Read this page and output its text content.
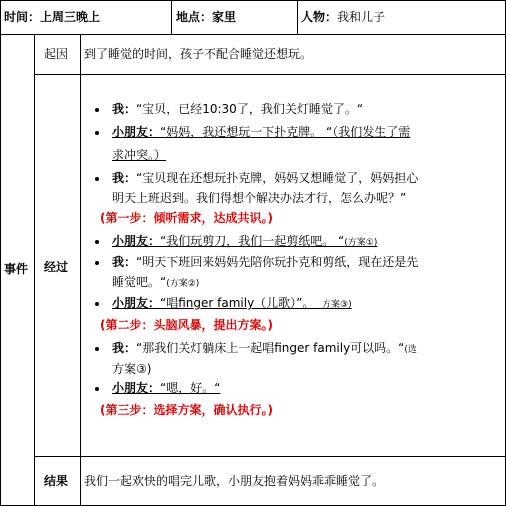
时间：上周三晚上	地点：家里	人物：我和儿子
事件
起因 到了睡觉的时间，孩子不配合睡觉还想玩。
经过
我：“宝贝，已经10:30了，我们关灯睡觉了。“
小朋友：“妈妈，我还想玩一下扑克牌。 “（我们发生了需
求冲突。）
我：“宝贝现在还想玩扑克牌，妈妈又想睡觉了，妈妈担心
明天上班迟到。我们得想个解决办法才行，怎么办呢？”
(第一步：倾听需求，达成共识。)
小朋友：“我们玩剪刀，我们一起剪纸吧。 “(方案①)
我：“明天下班回来妈妈先陪你玩扑克和剪纸，现在还是先
睡觉吧。“(方案②)
小朋友：“唱finger family（儿歌）”。 方案③)
(第二步：头脑风暴，提出方案。)
我：“那我们关灯躺床上一起唱finger family可以吗。“(选
方案③)
小朋友：“嗯，好。“
(第三步：选择方案，确认执行。)
结果 我们一起欢快的唱完儿歌，小朋友抱着妈妈乖乖睡觉了。
